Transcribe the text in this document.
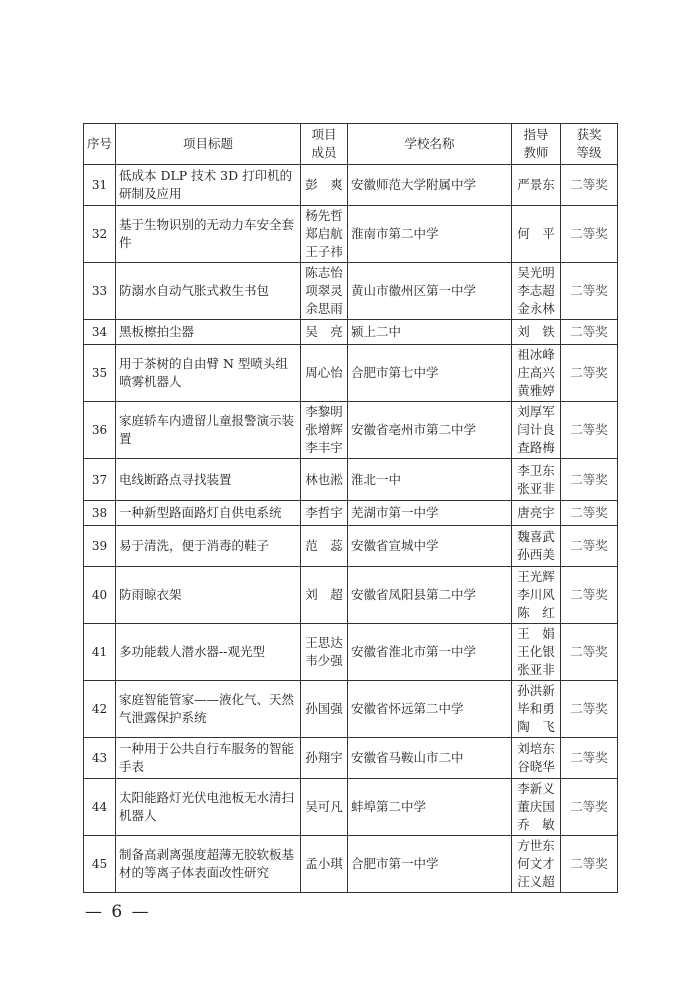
序号	项目标题	项目
成员	学校名称	指导
教师	获奖
等级
31	低成本 DLP 技术 3D 打印机的研制及应用	彭　爽	安徽师范大学附属中学	严景东	二等奖
32	基于生物识别的无动力车安全套件	杨先哲
郑启航
王子祎	淮南市第二中学	何　平	二等奖
33	防溺水自动气胀式救生书包	陈志怡
项翠灵
余思雨	黄山市徽州区第一中学	吴光明
李志超
金永林	二等奖
34	黑板檫拍尘器	吴　亮	颍上二中	刘　铁	二等奖
35	用于茶树的自由臂 N 型喷头组喷雾机器人	周心怡	合肥市第七中学	祖冰峰
庄高兴
黄雅婷	二等奖
36	家庭轿车内遗留儿童报警演示装置	李黎明
张增辉
李丰宇	安徽省亳州市第二中学	刘厚军
闫计良
查路梅	二等奖
37	电线断路点寻找装置	林也淞	淮北一中	李卫东
张亚非	二等奖
38	一种新型路面路灯自供电系统	李哲宇	芜湖市第一中学	唐亮宇	二等奖
39	易于清洗，便于消毒的鞋子	范　蕊	安徽省宣城中学	魏喜武
孙西美	二等奖
40	防雨晾衣架	刘　超	安徽省凤阳县第二中学	王光辉
李川风
陈　红	二等奖
41	多功能载人潜水器--观光型	王思达
韦少强	安徽省淮北市第一中学	王　娟
王化银
张亚非	二等奖
42	家庭智能管家——液化气、天然气泄露保护系统	孙国强	安徽省怀远第二中学	孙洪新
毕和勇
陶　飞	二等奖
43	一种用于公共自行车服务的智能手表	孙翔宇	安徽省马鞍山市二中	刘培东
谷晓华	二等奖
44	太阳能路灯光伏电池板无水清扫机器人	吴可凡	蚌埠第二中学	李新义
董庆国
乔　敏	二等奖
45	制备高剥离强度超薄无胶软板基材的等离子体表面改性研究	孟小琪	合肥市第一中学	方世东
何文才
汪义超	二等奖
— 6 —
